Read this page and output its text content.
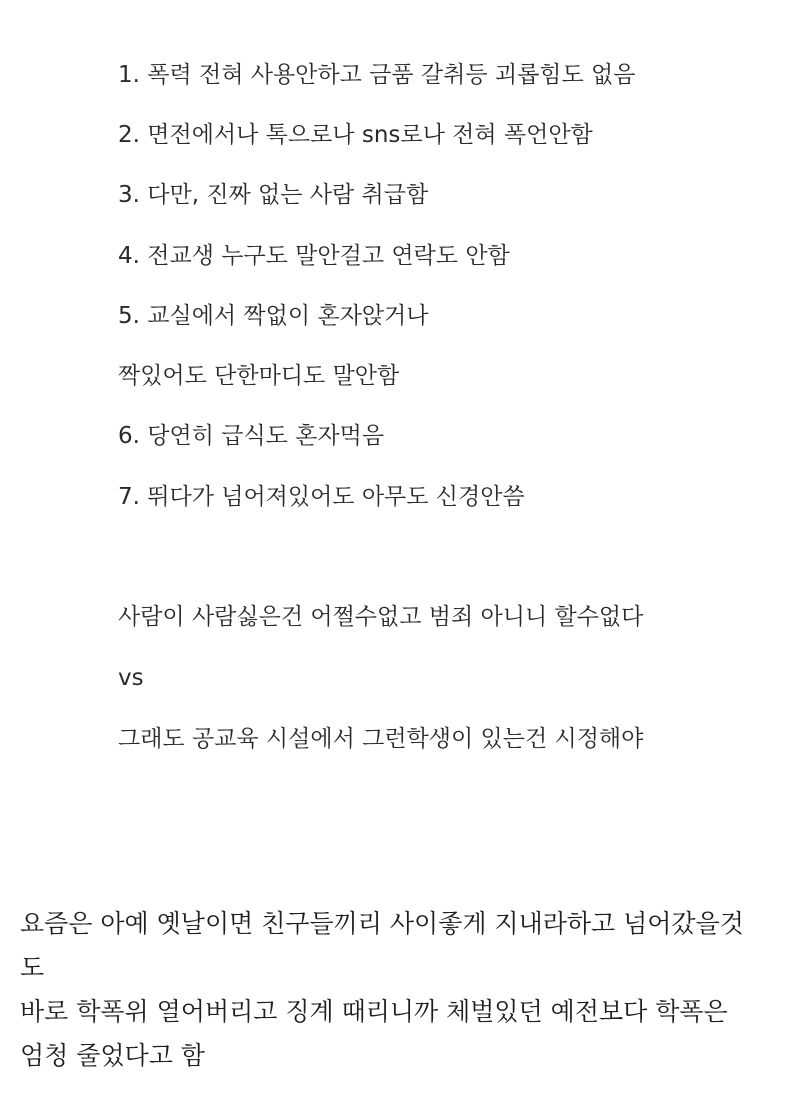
1. 폭력 전혀 사용안하고 금품 갈취등 괴롭힘도 없음
2. 면전에서나 톡으로나 sns로나 전혀 폭언안함
3. 다만, 진짜 없는 사람 취급함
4. 전교생 누구도 말안걸고 연락도 안함
5. 교실에서 짝없이 혼자앉거나
짝있어도 단한마디도 말안함
6. 당연히 급식도 혼자먹음
7. 뛰다가 넘어져있어도 아무도 신경안씀
사람이 사람싫은건 어쩔수없고 범죄 아니니 할수없다
vs
그래도 공교육 시설에서 그런학생이 있는건 시정해야
요즘은 아예 옛날이면 친구들끼리 사이좋게 지내라하고 넘어갔을것
도
바로 학폭위 열어버리고 징계 때리니까 체벌있던 예전보다 학폭은
엄청 줄었다고 함
